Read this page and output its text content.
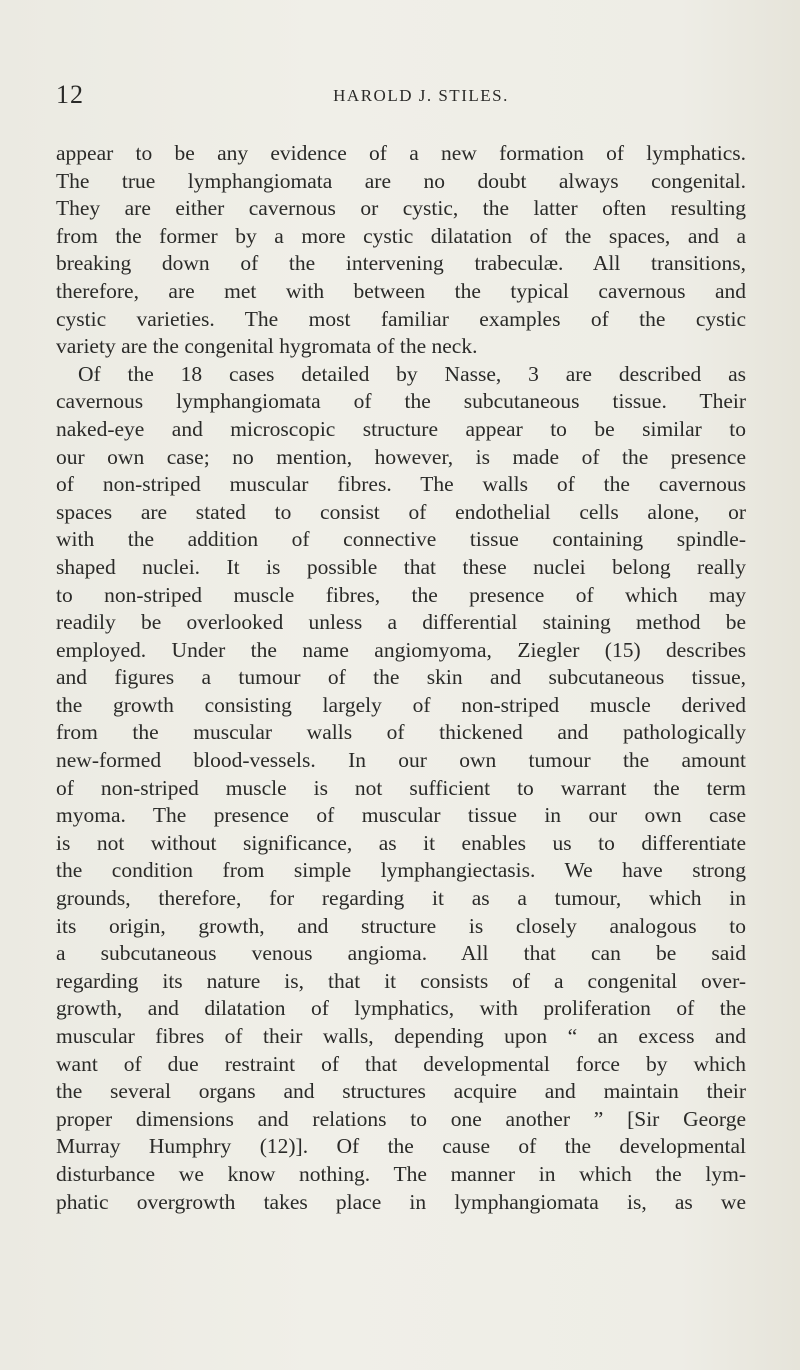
12	HAROLD J. STILES.
appear to be any evidence of a new formation of lymphatics.
The true lymphangiomata are no doubt always congenital.
They are either cavernous or cystic, the latter often resulting
from the former by a more cystic dilatation of the spaces, and a
breaking down of the intervening trabeculæ. All transitions,
therefore, are met with between the typical cavernous and
cystic varieties. The most familiar examples of the cystic
variety are the congenital hygromata of the neck.
Of the 18 cases detailed by Nasse, 3 are described as
cavernous lymphangiomata of the subcutaneous tissue. Their
naked-eye and microscopic structure appear to be similar to
our own case; no mention, however, is made of the presence
of non-striped muscular fibres. The walls of the cavernous
spaces are stated to consist of endothelial cells alone, or
with the addition of connective tissue containing spindle-
shaped nuclei. It is possible that these nuclei belong really
to non-striped muscle fibres, the presence of which may
readily be overlooked unless a differential staining method be
employed. Under the name angiomyoma, Ziegler (15) describes
and figures a tumour of the skin and subcutaneous tissue,
the growth consisting largely of non-striped muscle derived
from the muscular walls of thickened and pathologically
new-formed blood-vessels. In our own tumour the amount
of non-striped muscle is not sufficient to warrant the term
myoma. The presence of muscular tissue in our own case
is not without significance, as it enables us to differentiate
the condition from simple lymphangiectasis. We have strong
grounds, therefore, for regarding it as a tumour, which in
its origin, growth, and structure is closely analogous to
a subcutaneous venous angioma. All that can be said
regarding its nature is, that it consists of a congenital over-
growth, and dilatation of lymphatics, with proliferation of the
muscular fibres of their walls, depending upon “ an excess and
want of due restraint of that developmental force by which
the several organs and structures acquire and maintain their
proper dimensions and relations to one another ” [Sir George
Murray Humphry (12)]. Of the cause of the developmental
disturbance we know nothing. The manner in which the lym-
phatic overgrowth takes place in lymphangiomata is, as we
